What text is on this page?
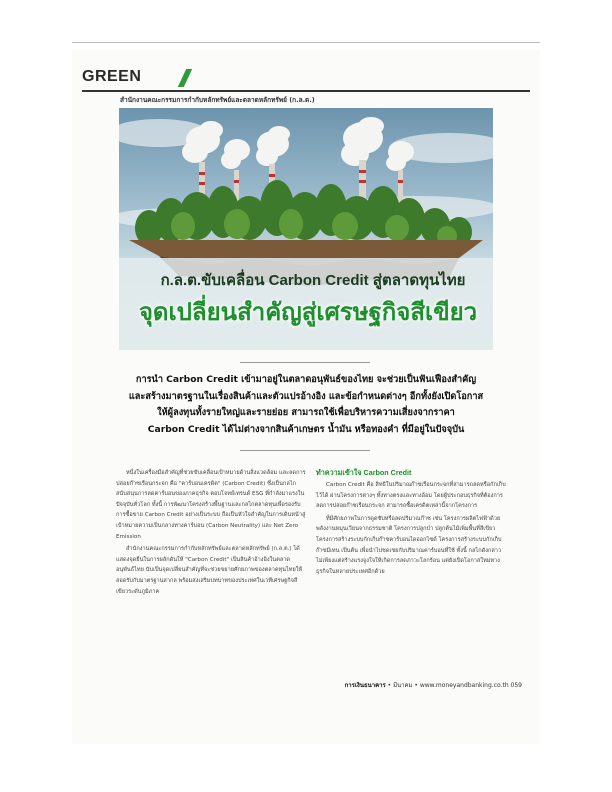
GREEN
สำนักงานคณะกรรมการกำกับหลักทรัพย์และตลาดหลักทรัพย์ (ก.ล.ต.)
ก.ล.ต.ขับเคลื่อน Carbon Credit สู่ตลาดทุนไทย
จุดเปลี่ยนสำคัญสู่เศรษฐกิจสีเขียว
การนำ Carbon Credit เข้ามาอยู่ในตลาดอนุพันธ์ของไทย จะช่วยเป็นฟันเฟืองสำคัญ
และสร้างมาตรฐานในเรื่องสินค้าและตัวแปรอ้างอิง และข้อกำหนดต่างๆ อีกทั้งยังเปิดโอกาส
ให้ผู้ลงทุนทั้งรายใหญ่และรายย่อย สามารถใช้เพื่อบริหารความเสี่ยงจากราคา
Carbon Credit ได้ไม่ต่างจากสินค้าเกษตร น้ำมัน หรือทองคำ ที่มีอยู่ในปัจจุบัน

หนึ่งในเครื่องมือสำคัญที่ช่วยขับเคลื่อนเป้าหมายด้านสิ่งแวดล้อม และลดการปล่อยก๊าซเรือนกระจก คือ "คาร์บอนเครดิต" (Carbon Credit) ซึ่งเป็นกลไกสนับสนุนการลดคาร์บอนของภาคธุรกิจ ตอบโจทย์เทรนด์ ESG ที่กำลังมาแรงในปัจจุบันทั่วโลก ทั้งนี้ การพัฒนาโครงสร้างพื้นฐานและกลไกตลาดทุนเพื่อรองรับการซื้อขาย Carbon Credit อย่างเป็นระบบ ถือเป็นหัวใจสำคัญในการเดินหน้าสู่เป้าหมายความเป็นกลางทางคาร์บอน (Carbon Neutrality) และ Net Zero Emission

สำนักงานคณะกรรมการกำกับหลักทรัพย์และตลาดหลักทรัพย์ (ก.ล.ต.) ได้แสดงจุดยืนในการผลักดันให้ "Carbon Credit" เป็นสินค้าอ้างอิงในตลาดอนุพันธ์ไทย นับเป็นจุดเปลี่ยนสำคัญที่จะช่วยขยายศักยภาพของตลาดทุนไทยให้สอดรับกับมาตรฐานสากล พร้อมส่งเสริมบทบาทของประเทศในเวทีเศรษฐกิจสีเขียวระดับภูมิภาค

ทำความเข้าใจ Carbon Credit

Carbon Credit คือ สิทธิในปริมาณก๊าซเรือนกระจกที่สามารถลดหรือกักเก็บไว้ได้ ผ่านโครงการต่างๆ ทั้งทางตรงและทางอ้อม โดยผู้ประกอบธุรกิจที่ต้องการลดการปล่อยก๊าซเรือนกระจก สามารถซื้อเครดิตเหล่านี้จากโครงการ

ที่มีศักยภาพในการดูดซับหรือลดปริมาณก๊าซ เช่น โครงการผลิตไฟฟ้าด้วยพลังงานหมุนเวียนจากธรรมชาติ โครงการปลูกป่า ปลูกต้นไม้เพิ่มพื้นที่สีเขียว โครงการสร้างระบบกักเก็บก๊าซคาร์บอนไดออกไซด์ โครงการสร้างระบบกักเก็บก๊าซมีเทน เป็นต้น เพื่อนำไปชดเชยกับปริมาณคาร์บอนที่ใช้ ทั้งนี้ กลไกดังกล่าว ไม่เพียงแต่สร้างแรงจูงใจให้เกิดการลดภาวะโลกร้อน แต่ยังเปิดโอกาสใหม่ทางธุรกิจในหลายประเทศอีกด้วย

การเงินธนาคาร • มีนาคม • www.moneyandbanking.co.th 059
